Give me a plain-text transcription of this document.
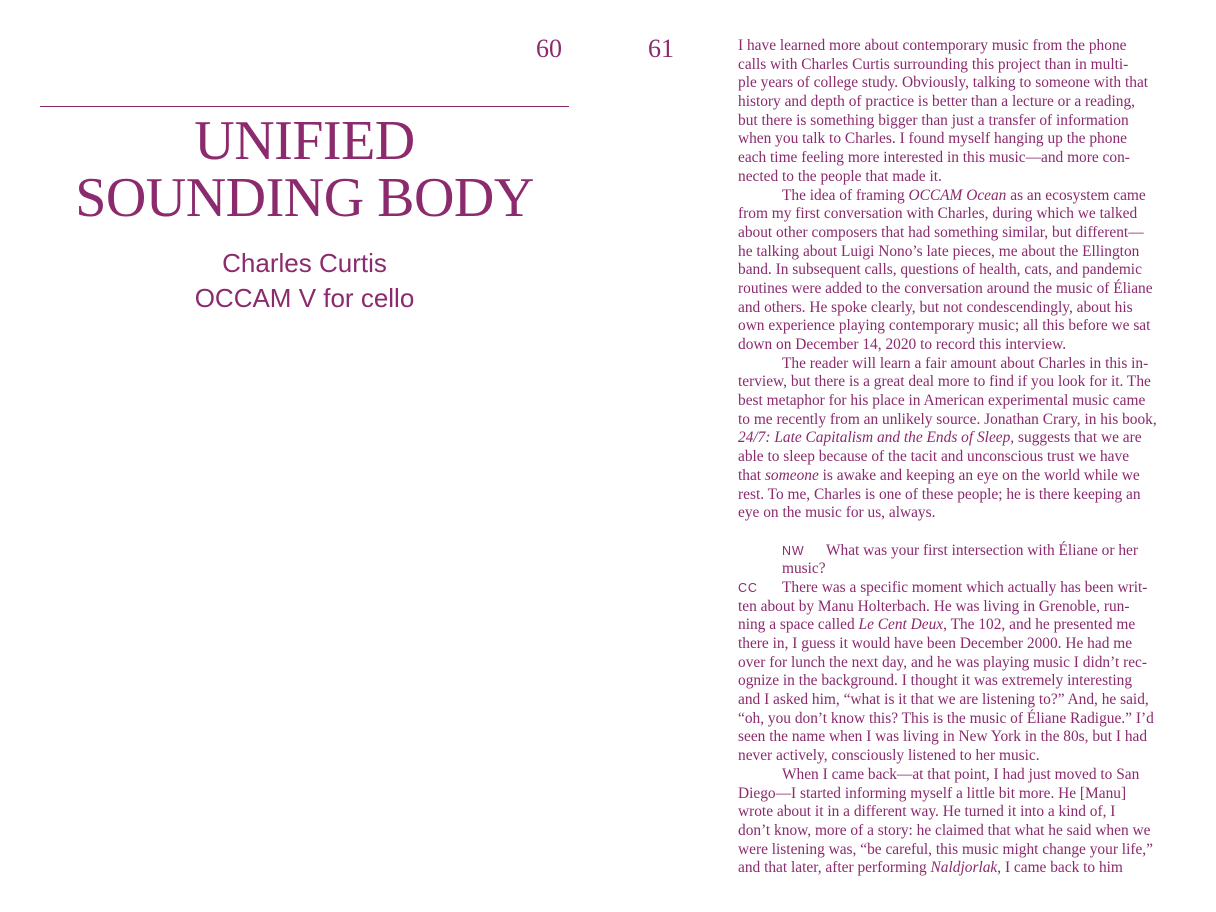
60
UNIFIED
SOUNDING BODY
Charles Curtis
OCCAM V for cello
61	I have learned more about contemporary music from the phone
calls with Charles Curtis surrounding this project than in multi-
ple years of college study. Obviously, talking to someone with that
history and depth of practice is better than a lecture or a reading,
but there is something bigger than just a transfer of information
when you talk to Charles. I found myself hanging up the phone
each time feeling more interested in this music—and more con-
nected to the people that made it.
The idea of framing OCCAM Ocean as an ecosystem came
from my first conversation with Charles, during which we talked
about other composers that had something similar, but different—
he talking about Luigi Nono’s late pieces, me about the Ellington
band. In subsequent calls, questions of health, cats, and pandemic
routines were added to the conversation around the music of Éliane
and others. He spoke clearly, but not condescendingly, about his
own experience playing contemporary music; all this before we sat
down on December 14, 2020 to record this interview.
The reader will learn a fair amount about Charles in this in-
terview, but there is a great deal more to find if you look for it. The
best metaphor for his place in American experimental music came
to me recently from an unlikely source. Jonathan Crary, in his book,
24/7: Late Capitalism and the Ends of Sleep, suggests that we are
able to sleep because of the tacit and unconscious trust we have
that someone is awake and keeping an eye on the world while we
rest. To me, Charles is one of these people; he is there keeping an
eye on the music for us, always.
NW What was your first intersection with Éliane or her
music?
CC There was a specific moment which actually has been writ-
ten about by Manu Holterbach. He was living in Grenoble, run-
ning a space called Le Cent Deux, The 102, and he presented me
there in, I guess it would have been December 2000. He had me
over for lunch the next day, and he was playing music I didn’t rec-
ognize in the background. I thought it was extremely interesting
and I asked him, “what is it that we are listening to?” And, he said,
“oh, you don’t know this? This is the music of Éliane Radigue.” I’d
seen the name when I was living in New York in the 80s, but I had
never actively, consciously listened to her music.
When I came back—at that point, I had just moved to San
Diego—I started informing myself a little bit more. He [Manu]
wrote about it in a different way. He turned it into a kind of, I
don’t know, more of a story: he claimed that what he said when we
were listening was, “be careful, this music might change your life,”
and that later, after performing Naldjorlak, I came back to him
